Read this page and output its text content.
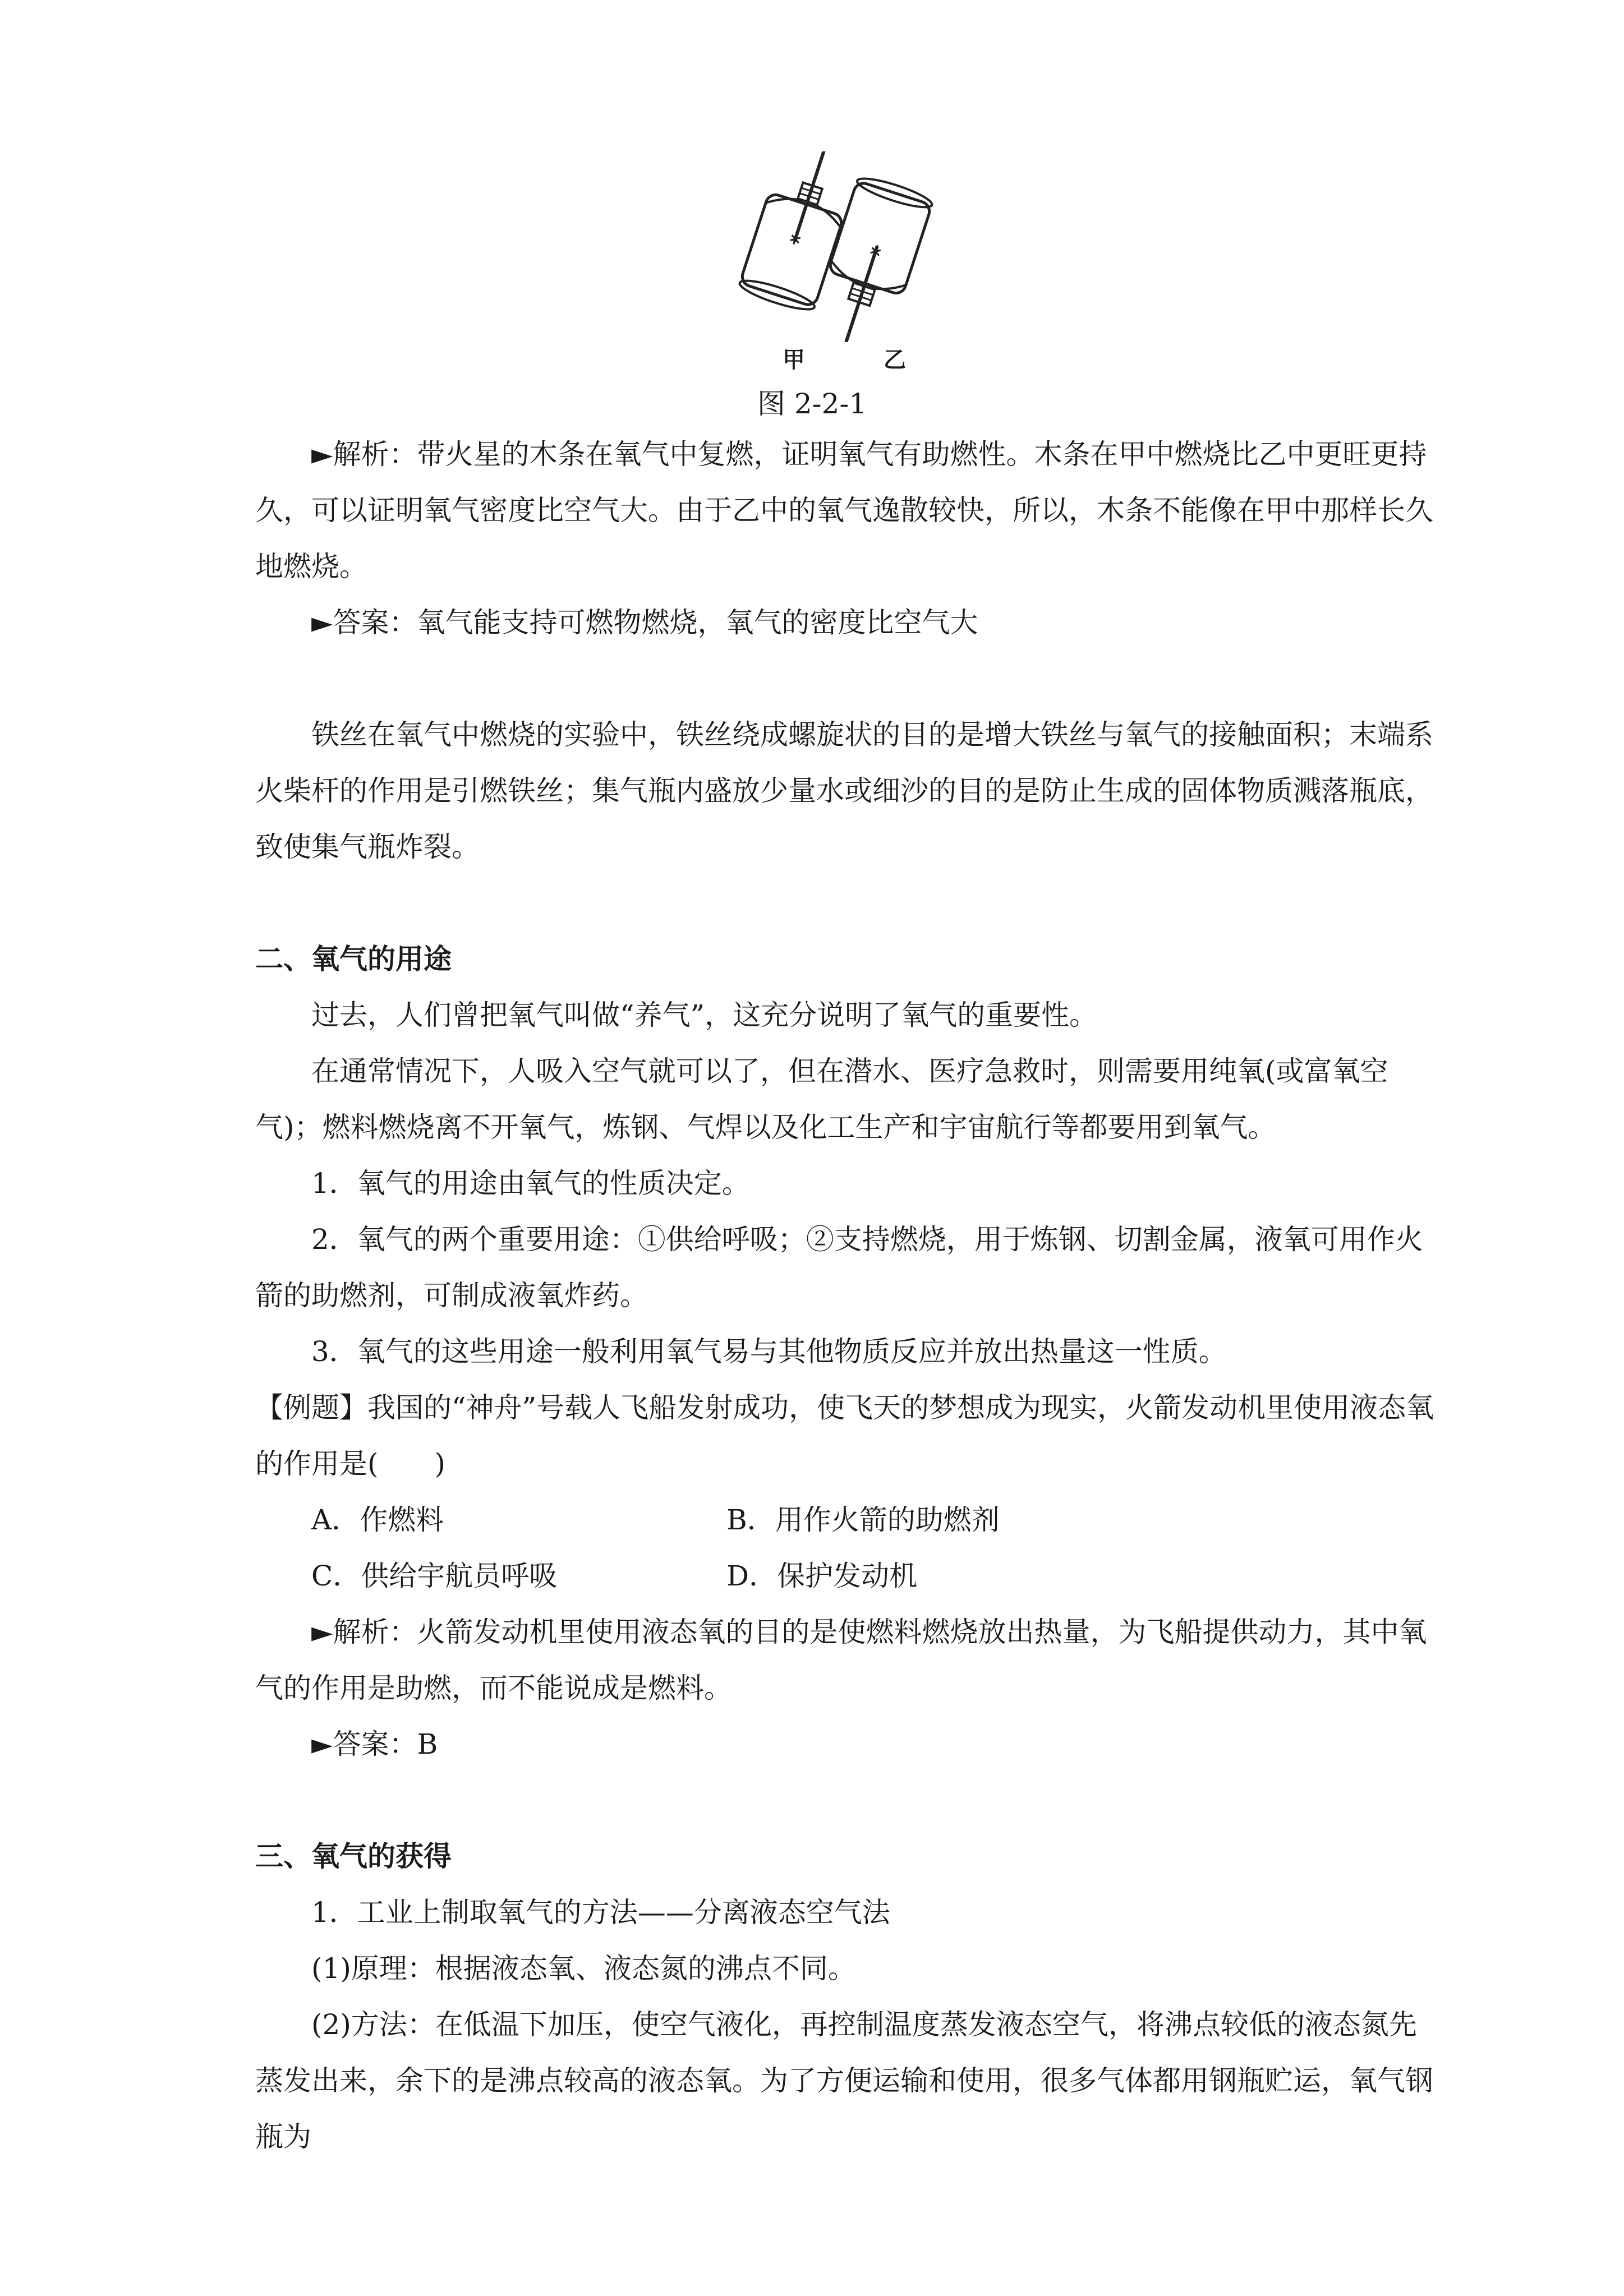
甲	乙
图 2-2-1

►解析：带火星的木条在氧气中复燃，证明氧气有助燃性。木条在甲中燃烧比乙中更旺更持久，可以证明氧气密度比空气大。由于乙中的氧气逸散较快，所以，木条不能像在甲中那样长久地燃烧。

►答案：氧气能支持可燃物燃烧，氧气的密度比空气大

铁丝在氧气中燃烧的实验中，铁丝绕成螺旋状的目的是增大铁丝与氧气的接触面积；末端系火柴杆的作用是引燃铁丝；集气瓶内盛放少量水或细沙的目的是防止生成的固体物质溅落瓶底，致使集气瓶炸裂。

二、氧气的用途

过去，人们曾把氧气叫做“养气”，这充分说明了氧气的重要性。

在通常情况下，人吸入空气就可以了，但在潜水、医疗急救时，则需要用纯氧(或富氧空气)；燃料燃烧离不开氧气，炼钢、气焊以及化工生产和宇宙航行等都要用到氧气。

1．氧气的用途由氧气的性质决定。

2．氧气的两个重要用途：①供给呼吸；②支持燃烧，用于炼钢、切割金属，液氧可用作火箭的助燃剂，可制成液氧炸药。

3．氧气的这些用途一般利用氧气易与其他物质反应并放出热量这一性质。

【例题】我国的“神舟”号载人飞船发射成功，使飞天的梦想成为现实，火箭发动机里使用液态氧的作用是(　　)

A．作燃料	B．用作火箭的助燃剂
C．供给宇航员呼吸	D．保护发动机

►解析：火箭发动机里使用液态氧的目的是使燃料燃烧放出热量，为飞船提供动力，其中氧气的作用是助燃，而不能说成是燃料。

►答案：B

三、氧气的获得

1．工业上制取氧气的方法——分离液态空气法

(1)原理：根据液态氧、液态氮的沸点不同。

(2)方法：在低温下加压，使空气液化，再控制温度蒸发液态空气，将沸点较低的液态氮先蒸发出来，余下的是沸点较高的液态氧。为了方便运输和使用，很多气体都用钢瓶贮运，氧气钢瓶为
